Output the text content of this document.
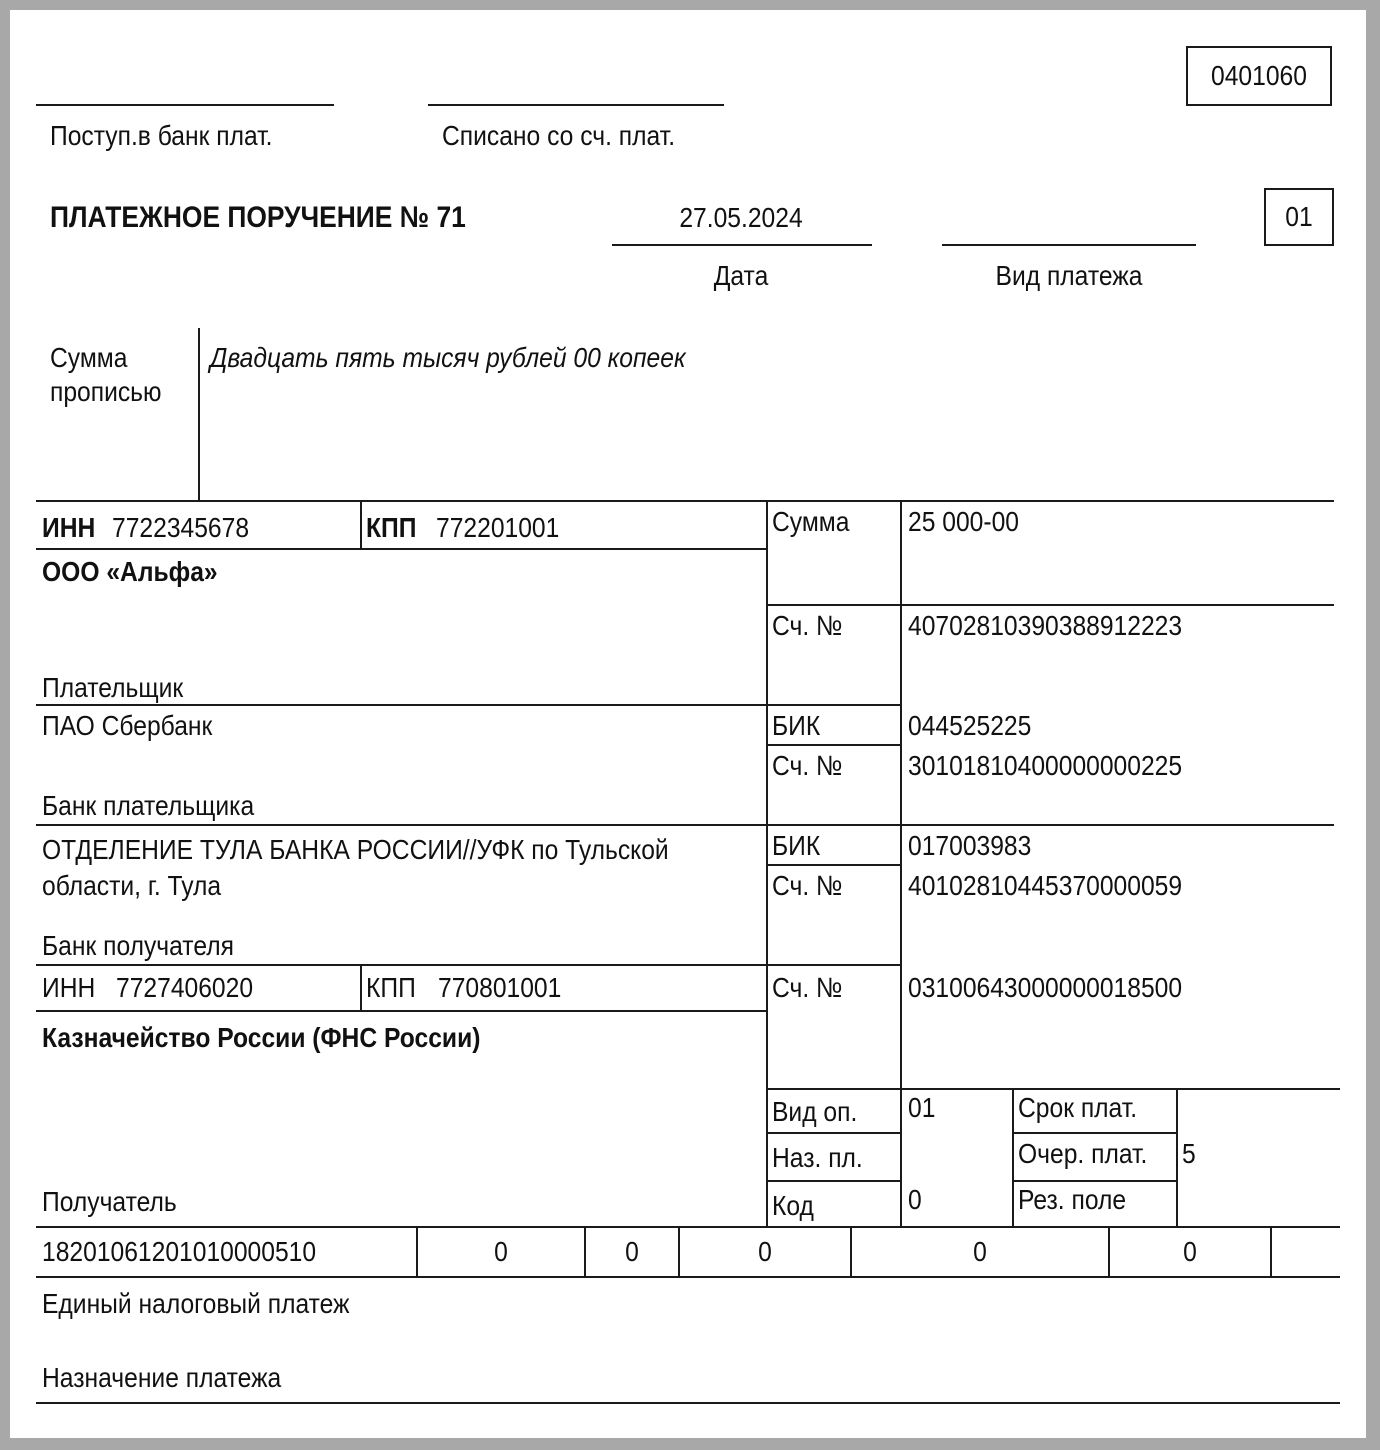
0401060
Поступ.в банк плат.	Списано со сч. плат.
ПЛАТЕЖНОЕ ПОРУЧЕНИЕ № 71	27.05.2024
Дата	Вид платежа
01
Сумма
прописью
Двадцать пять тысяч рублей 00 копеек
ИНН 7722345678	КПП 772201001
ООО «Альфа»
Плательщик
Сумма 25 000-00
Сч. № 40702810390388912223
ПАО Сбербанк
Банк плательщика
БИК	044525225
Сч. № 30101810400000000225
ОТДЕЛЕНИЕ ТУЛА БАНКА РОССИИ//УФК по Тульской
области, г. Тула
Банк получателя
БИК	017003983
Сч. № 40102810445370000059
ИНН 7727406020	КПП 770801001	Сч. № 03100643000000018500
Казначейство России (ФНС России)
Получатель
Вид оп. 01
Наз. пл.
Код	0
Срок плат.
Очер. плат. 5
Рез. поле
18201061201010000510	0	0	0	0	0
Единый налоговый платеж
Назначение платежа
